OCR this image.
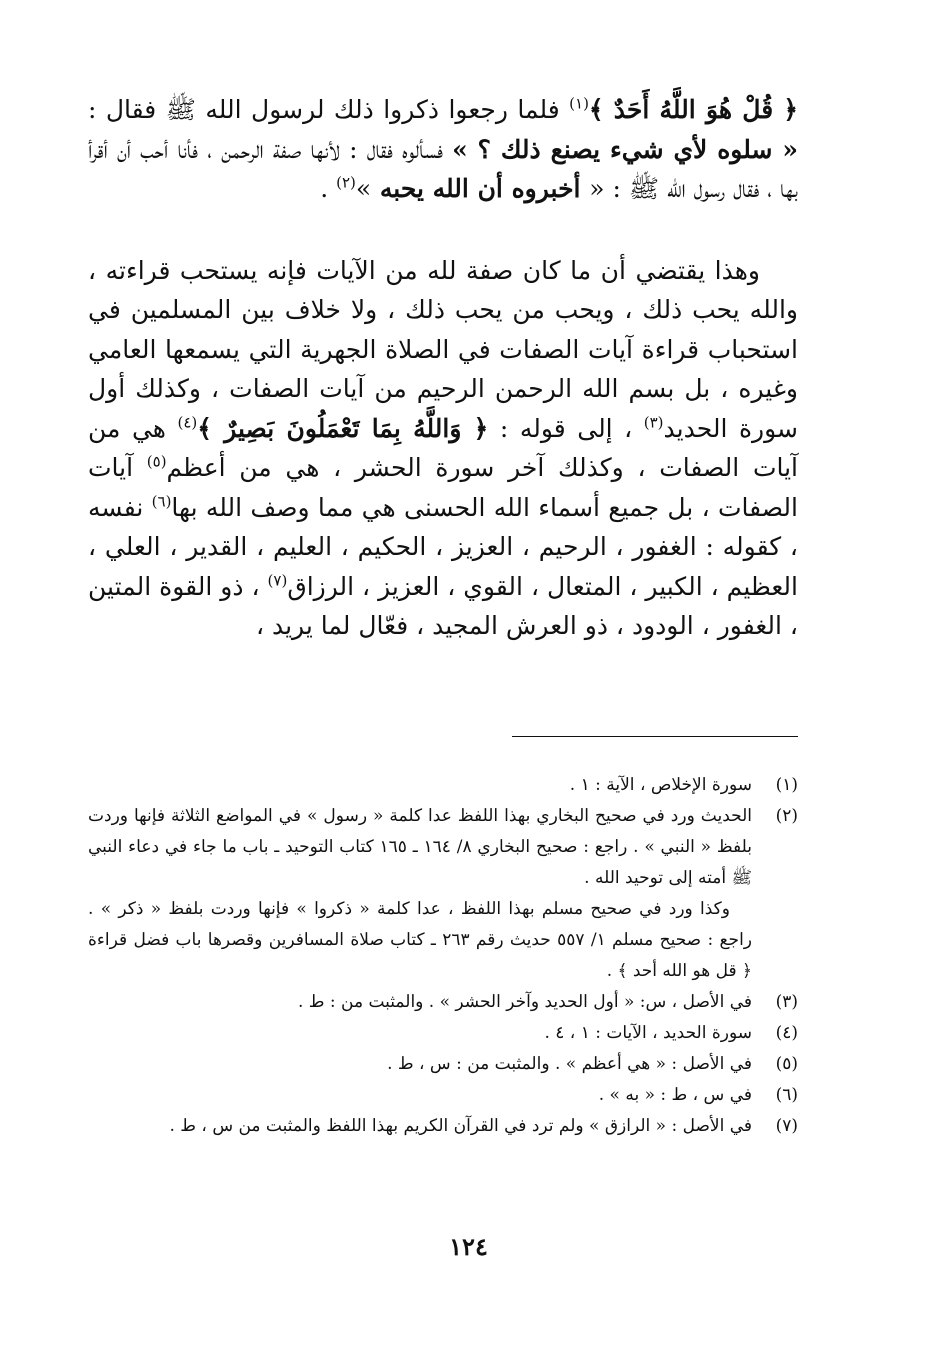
﴿ قُلْ هُوَ اللَّهُ أَحَدٌ ﴾$^{(١)}$ فلما رجعوا ذكروا ذلك لرسول الله ﷺ فقال : « سلوه لأي شيء يصنع ذلك ؟ » فسألوه فقال : لأنها صفة الرحمن ، فأنا أحب أن أقرأ بها ، فقال رسول الله ﷺ : « أخبروه أن الله يحبه »$^{(٢)}$ .

وهذا يقتضي أن ما كان صفة لله من الآيات فإنه يستحب قراءته ، والله يحب ذلك ، ويحب من يحب ذلك ، ولا خلاف بين المسلمين في استحباب قراءة آيات الصفات في الصلاة الجهرية التي يسمعها العامي وغيره ، بل بسم الله الرحمن الرحيم من آيات الصفات ، وكذلك أول سورة الحديد$^{(٣)}$ ، إلى قوله : ﴿ وَاللَّهُ بِمَا تَعْمَلُونَ بَصِيرٌ ﴾$^{(٤)}$ هي من آيات الصفات ، وكذلك آخر سورة الحشر ، هي من أعظم$^{(٥)}$ آيات الصفات ، بل جميع أسماء الله الحسنى هي مما وصف الله بها$^{(٦)}$ نفسه ، كقوله : الغفور ، الرحيم ، العزيز ، الحكيم ، العليم ، القدير ، العلي ، العظيم ، الكبير ، المتعال ، القوي ، العزيز ، الرزاق$^{(٧)}$ ، ذو القوة المتين ، الغفور ، الودود ، ذو العرش المجيد ، فعّال لما يريد ،

(١)
سورة الإخلاص ، الآية : ١ .
(٢)
الحديث ورد في صحيح البخاري بهذا اللفظ عدا كلمة « رسول » في المواضع الثلاثة فإنها وردت بلفظ « النبي » . راجع : صحيح البخاري ٨/ ١٦٤ ـ ١٦٥ كتاب التوحيد ـ باب ما جاء في دعاء النبي ﷺ أمته إلى توحيد الله .

وكذا ورد في صحيح مسلم بهذا اللفظ ، عدا كلمة « ذكروا » فإنها وردت بلفظ « ذكر » . راجع : صحيح مسلم ١/ ٥٥٧ حديث رقم ٢٦٣ ـ كتاب صلاة المسافرين وقصرها باب فضل قراءة ﴿ قل هو الله أحد ﴾ .

(٣)
في الأصل ، س: « أول الحديد وآخر الحشر » . والمثبت من : ط .
(٤)
سورة الحديد ، الآيات : ١ ، ٤ .
(٥)
في الأصل : « هي أعظم » . والمثبت من : س ، ط .
(٦)
في س ، ط : « به » .
(٧)
في الأصل : « الرازق » ولم ترد في القرآن الكريم بهذا اللفظ والمثبت من س ، ط .
١٢٤
